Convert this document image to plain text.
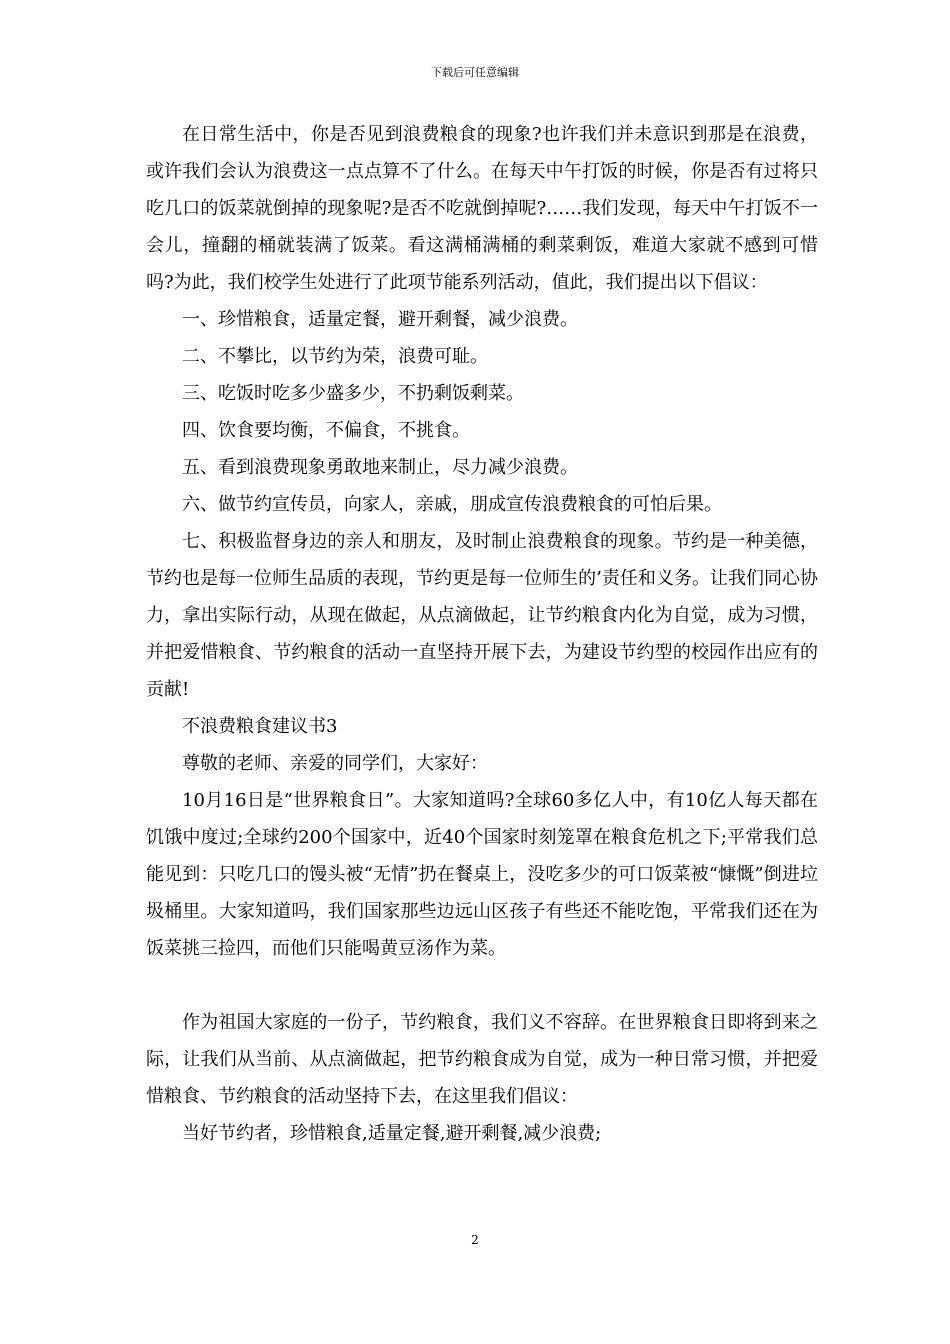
下载后可任意编辑

在日常生活中，你是否见到浪费粮食的现象?也许我们并未意识到那是在浪费，或许我们会认为浪费这一点点算不了什么。在每天中午打饭的时候，你是否有过将只吃几口的饭菜就倒掉的现象呢?是否不吃就倒掉呢?……我们发现，每天中午打饭不一会儿，撞翻的桶就装满了饭菜。看这满桶满桶的剩菜剩饭，难道大家就不感到可惜吗?为此，我们校学生处进行了此项节能系列活动，值此，我们提出以下倡议：

一、珍惜粮食，适量定餐，避开剩餐，减少浪费。

二、不攀比，以节约为荣，浪费可耻。

三、吃饭时吃多少盛多少，不扔剩饭剩菜。

四、饮食要均衡，不偏食，不挑食。

五、看到浪费现象勇敢地来制止，尽力减少浪费。

六、做节约宣传员，向家人，亲戚，朋成宣传浪费粮食的可怕后果。

七、积极监督身边的亲人和朋友，及时制止浪费粮食的现象。节约是一种美德，节约也是每一位师生品质的表现，节约更是每一位师生的’责任和义务。让我们同心协力，拿出实际行动，从现在做起，从点滴做起，让节约粮食内化为自觉，成为习惯，并把爱惜粮食、节约粮食的活动一直坚持开展下去，为建设节约型的校园作出应有的贡献!

不浪费粮食建议书3

尊敬的老师、亲爱的同学们，大家好：

10月16日是“世界粮食日”。大家知道吗?全球60多亿人中，有10亿人每天都在饥饿中度过;全球约200个国家中，近40个国家时刻笼罩在粮食危机之下;平常我们总能见到：只吃几口的馒头被“无情”扔在餐桌上，没吃多少的可口饭菜被“慷慨”倒进垃圾桶里。大家知道吗，我们国家那些边远山区孩子有些还不能吃饱，平常我们还在为饭菜挑三捡四，而他们只能喝黄豆汤作为菜。

作为祖国大家庭的一份子，节约粮食，我们义不容辞。在世界粮食日即将到来之际，让我们从当前、从点滴做起，把节约粮食成为自觉，成为一种日常习惯，并把爱惜粮食、节约粮食的活动坚持下去，在这里我们倡议：

当好节约者，珍惜粮食,适量定餐,避开剩餐,减少浪费;

2
